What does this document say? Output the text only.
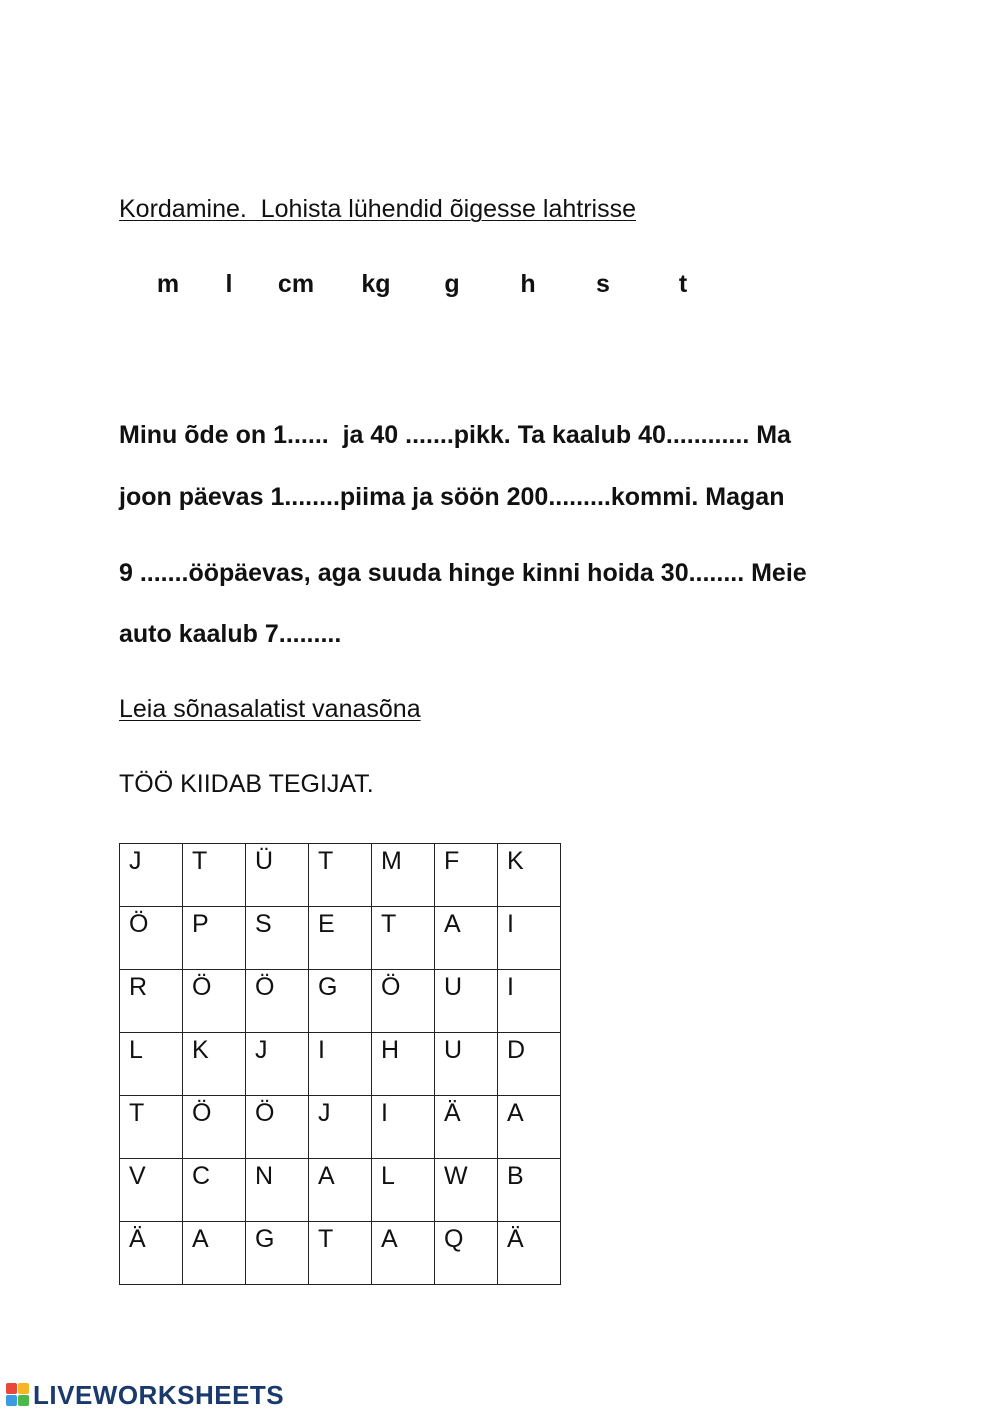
Kordamine.  Lohista lühendid õigesse lahtrisse
m l cm kg g h s	t
Minu õde on 1......  ja 40 .......pikk. Ta kaalub 40............ Ma
joon päevas 1........piima ja söön 200.........kommi. Magan
9 .......ööpäevas, aga suuda hinge kinni hoida 30........ Meie
auto kaalub 7.........
Leia sõnasalatist vanasõna
TÖÖ KIIDAB TEGIJAT.
J	T	Ü	T	M	F	K

Ö	P	S	E	T	A	I

R	Ö	Ö	G	Ö	U	I

L	K	J	I	H	U	D

T	Ö	Ö	J	I	Ä	A

V	C	N	A	L	W	B

Ä	A	G	T	A	Q	Ä
LIVEWORKSHEETS
